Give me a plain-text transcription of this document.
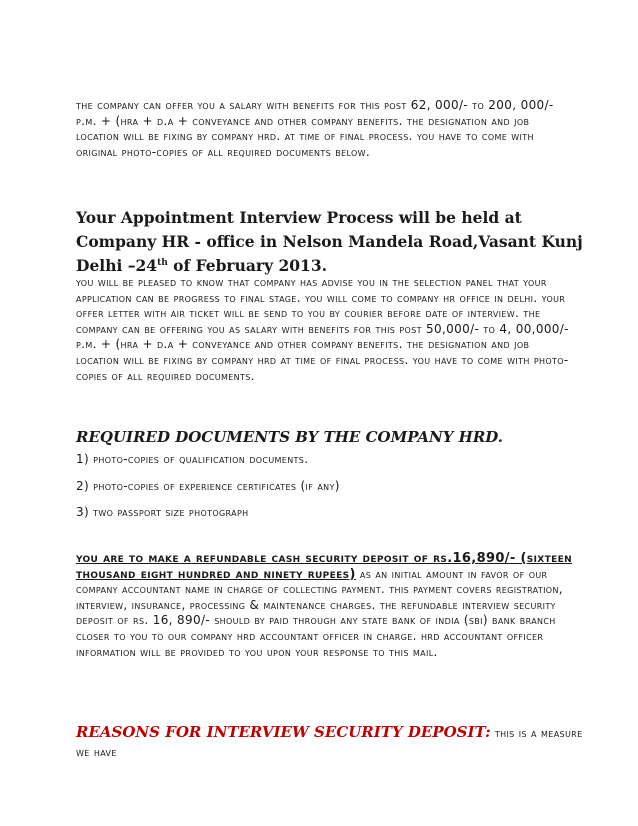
the company can offer you a salary with benefits for this post 62, 000/- to 200, 000/- p.m. + (hra + d.a + conveyance and other company benefits. the designation and job location will be fixing by company hrd. at time of final process. you have to come with original photo-copies of all required documents below.

Your Appointment Interview Process will be held at Company HR - office in Nelson Mandela Road,Vasant Kunj Delhi –24th of February 2013.

you will be pleased to know that company has advise you in the selection panel that your application can be progress to final stage. you will come to company hr office in delhi. your offer letter with air ticket will be send to you by courier before date of interview. the company can be offering you as salary with benefits for this post 50,000/- to 4, 00,000/- p.m. + (hra + d.a + conveyance and other company benefits. the designation and job location will be fixing by company hrd at time of final process. you have to come with photo-copies of all required documents.

REQUIRED DOCUMENTS BY THE COMPANY HRD.

1) photo-copies of qualification documents.

2) photo-copies of experience certificates (if any)

3) two passport size photograph

you are to make a refundable cash security deposit of rs.16,890/- (sixteen thousand eight hundred and ninety rupees) as an initial amount in favor of our company accountant name in charge of collecting payment. this payment covers registration, interview, insurance, processing & maintenance charges. the refundable interview security deposit of rs. 16, 890/- should by paid through any state bank of india (sbi) bank branch closer to you to our company hrd accountant officer in charge. hrd accountant officer information will be provided to you upon your response to this mail.

REASONS FOR INTERVIEW SECURITY DEPOSIT: this is a measure we have
